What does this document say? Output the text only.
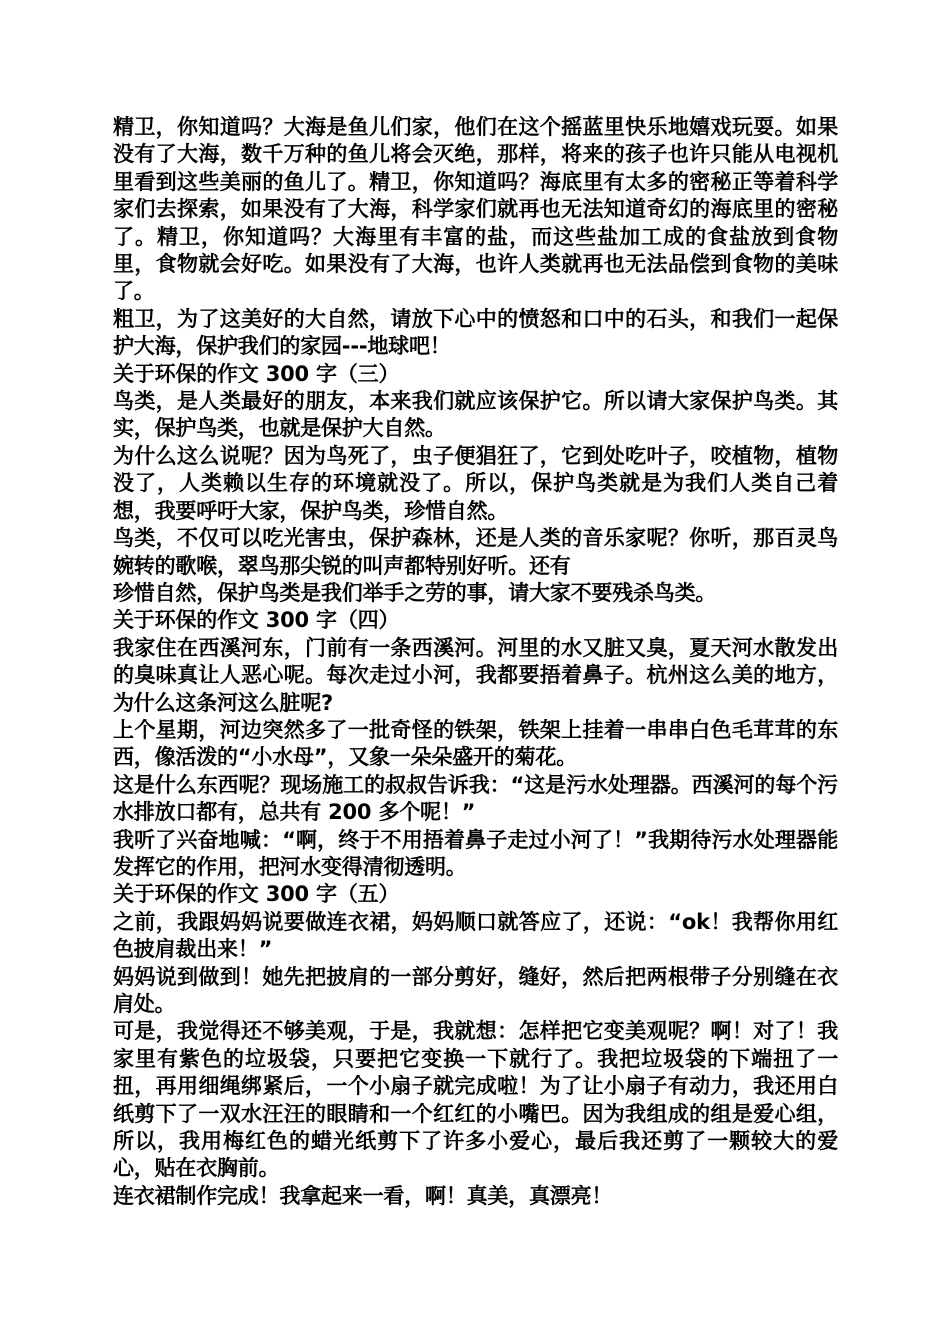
精卫，你知道吗？大海是鱼儿们家，他们在这个摇蓝里快乐地嬉戏玩耍。如果没有了大海，数千万种的鱼儿将会灭绝，那样，将来的孩子也许只能从电视机里看到这些美丽的鱼儿了。精卫，你知道吗？海底里有太多的密秘正等着科学家们去探索，如果没有了大海，科学家们就再也无法知道奇幻的海底里的密秘了。精卫，你知道吗？大海里有丰富的盐，而这些盐加工成的食盐放到食物里，食物就会好吃。如果没有了大海，也许人类就再也无法品偿到食物的美味了。

粗卫，为了这美好的大自然，请放下心中的愤怒和口中的石头，和我们一起保护大海，保护我们的家园---地球吧！

关于环保的作文 300 字（三）

鸟类，是人类最好的朋友，本来我们就应该保护它。所以请大家保护鸟类。其实，保护鸟类，也就是保护大自然。

为什么这么说呢？因为鸟死了，虫子便猖狂了，它到处吃叶子，咬植物，植物没了，人类赖以生存的环境就没了。所以，保护鸟类就是为我们人类自己着想，我要呼吁大家，保护鸟类，珍惜自然。

鸟类，不仅可以吃光害虫，保护森林，还是人类的音乐家呢？你听，那百灵鸟婉转的歌喉，翠鸟那尖锐的叫声都特别好听。还有

珍惜自然，保护鸟类是我们举手之劳的事，请大家不要残杀鸟类。

关于环保的作文 300 字（四）

我家住在西溪河东，门前有一条西溪河。河里的水又脏又臭，夏天河水散发出的臭味真让人恶心呢。每次走过小河，我都要捂着鼻子。杭州这么美的地方，为什么这条河这么脏呢?

上个星期，河边突然多了一批奇怪的铁架，铁架上挂着一串串白色毛茸茸的东西，像活泼的“小水母”，又象一朵朵盛开的菊花。

这是什么东西呢？现场施工的叔叔告诉我：“这是污水处理器。西溪河的每个污水排放口都有，总共有 200 多个呢！”

我听了兴奋地喊：“啊，终于不用捂着鼻子走过小河了！”我期待污水处理器能发挥它的作用，把河水变得清彻透明。

关于环保的作文 300 字（五）

之前，我跟妈妈说要做连衣裙，妈妈顺口就答应了，还说：“ok！我帮你用红色披肩裁出来！”

妈妈说到做到！她先把披肩的一部分剪好，缝好，然后把两根带子分别缝在衣肩处。

可是，我觉得还不够美观，于是，我就想：怎样把它变美观呢？啊！对了！我家里有紫色的垃圾袋，只要把它变换一下就行了。我把垃圾袋的下端扭了一扭，再用细绳绑紧后，一个小扇子就完成啦！为了让小扇子有动力，我还用白纸剪下了一双水汪汪的眼睛和一个红红的小嘴巴。因为我组成的组是爱心组，所以，我用梅红色的蜡光纸剪下了许多小爱心，最后我还剪了一颗较大的爱心，贴在衣胸前。

连衣裙制作完成！我拿起来一看，啊！真美，真漂亮！
